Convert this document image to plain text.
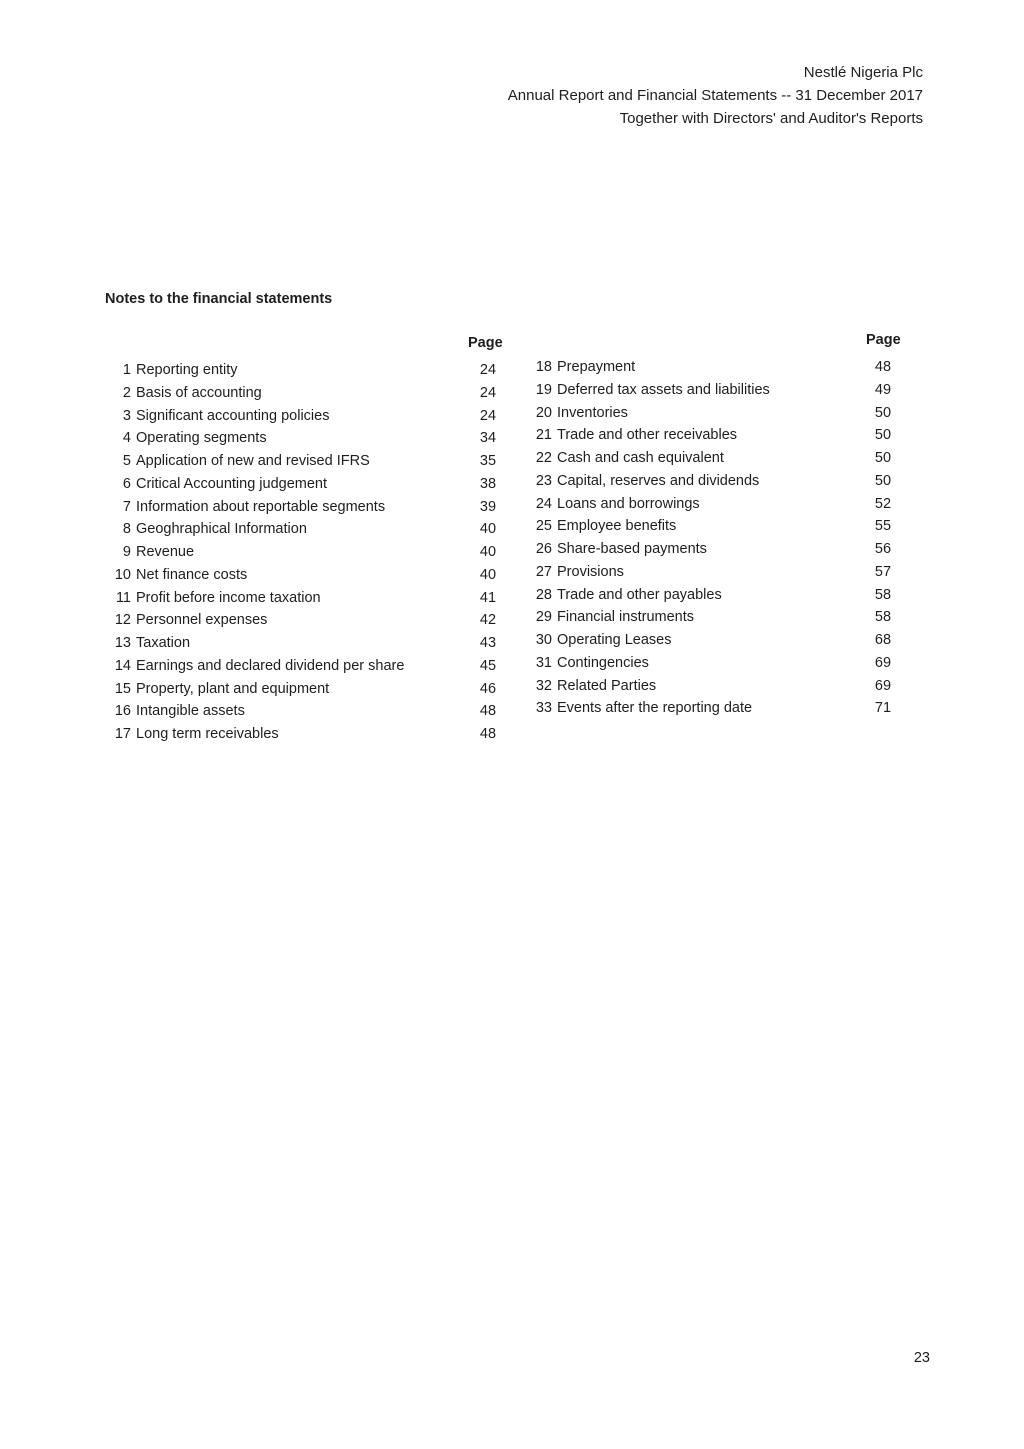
Nestlé Nigeria Plc
Annual Report and Financial Statements -- 31 December 2017
Together with Directors' and Auditor's Reports
Notes to the financial statements
Page	Page
1 Reporting entity	24
2 Basis of accounting	24
3 Significant accounting policies	24
4 Operating segments	34
5 Application of new and revised IFRS	35
6 Critical Accounting judgement	38
7 Information about reportable segments	39
8 Geoghraphical Information	40
9 Revenue	40
10 Net finance costs	40
11 Profit before income taxation	41
12 Personnel expenses	42
13 Taxation	43
14 Earnings and declared dividend per share	45
15 Property, plant and equipment	46
16 Intangible assets	48
17 Long term receivables	48
18 Prepayment	48
19 Deferred tax assets and liabilities	49
20 Inventories	50
21 Trade and other receivables	50
22 Cash and cash equivalent	50
23 Capital, reserves and dividends	50
24 Loans and borrowings	52
25 Employee benefits	55
26 Share-based payments	56
27 Provisions	57
28 Trade and other payables	58
29 Financial instruments	58
30 Operating Leases	68
31 Contingencies	69
32 Related Parties	69
33 Events after the reporting date	71
23
